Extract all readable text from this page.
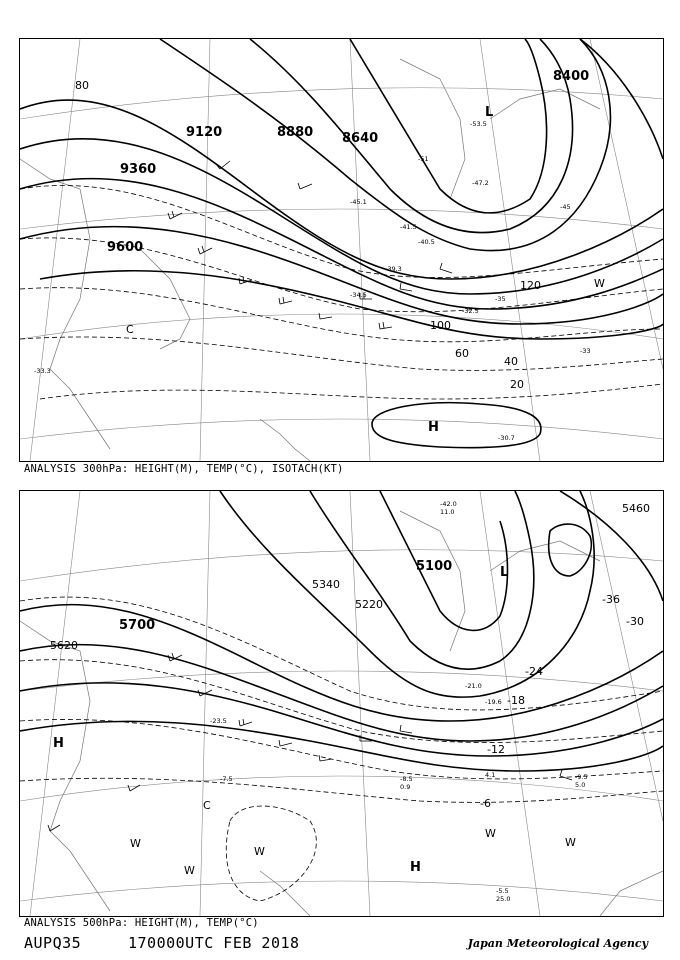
9600
9360
9120	8880 8640
8400
20
40
60
80
100
120
L
H
C
W
-51
-53.5
-47.2
-45.1
-41.5
-39.3
-34.5
-32.5
-33.3
-30.7
-40.5
-45
-35
-33
ANALYSIS 300hPa: HEIGHT(M), TEMP(°C), ISOTACH(KT)
5700
5620
5460
5340
5220
5100
-36
-30
-24
-18
-12
-6
L
H
H
W
W
W
W
W
C
-5.5
25.0
-9.5
5.0
4.1
-8.5
0.9
-21.0
-19.6
-42.0
11.0
-23.5
-7.5
ANALYSIS 500hPa: HEIGHT(M), TEMP(°C)
AUPQ35	170000UTC FEB 2018	Japan Meteorological Agency
